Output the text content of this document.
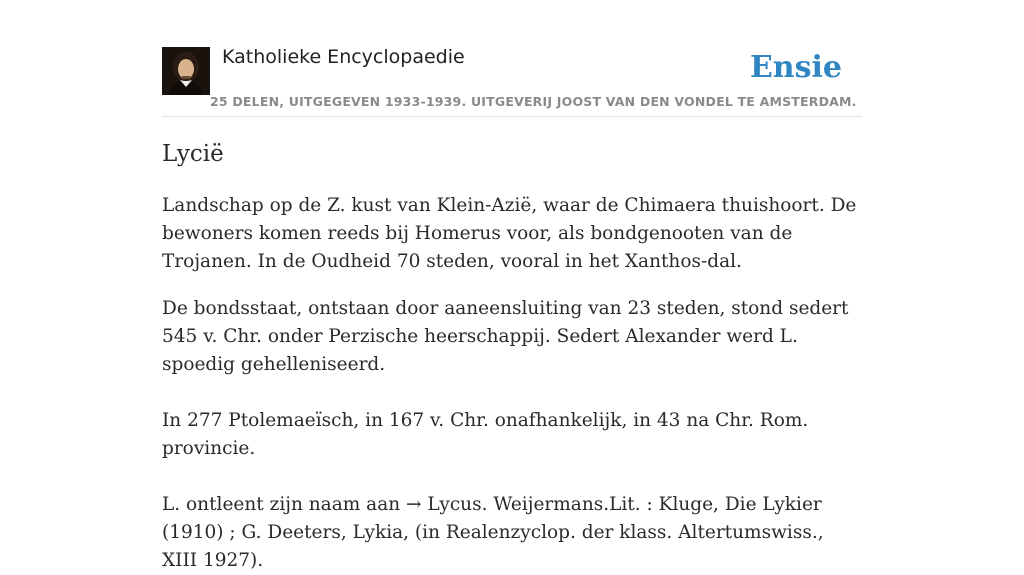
Katholieke Encyclopaedie
25 DELEN, UITGEGEVEN 1933-1939. UITGEVERIJ JOOST VAN DEN VONDEL TE AMSTERDAM.
Ensie
Lycië

Landschap op de Z. kust van Klein-Azië, waar de Chimaera thuishoort. De bewoners komen reeds bij Homerus voor, als bondgenooten van de Trojanen. In de Oudheid 70 steden, vooral in het Xanthos-dal.

De bondsstaat, ontstaan door aaneensluiting van 23 steden, stond sedert 545 v. Chr. onder Perzische heerschappij. Sedert Alexander werd L. spoedig gehelleniseerd.

In 277 Ptolemaeïsch, in 167 v. Chr. onafhankelijk, in 43 na Chr. Rom. provincie.

L. ontleent zijn naam aan → Lycus. Weijermans.Lit. : Kluge, Die Lykier (1910) ; G. Deeters, Lykia, (in Realenzyclop. der klass. Altertumswiss., XIII 1927).
